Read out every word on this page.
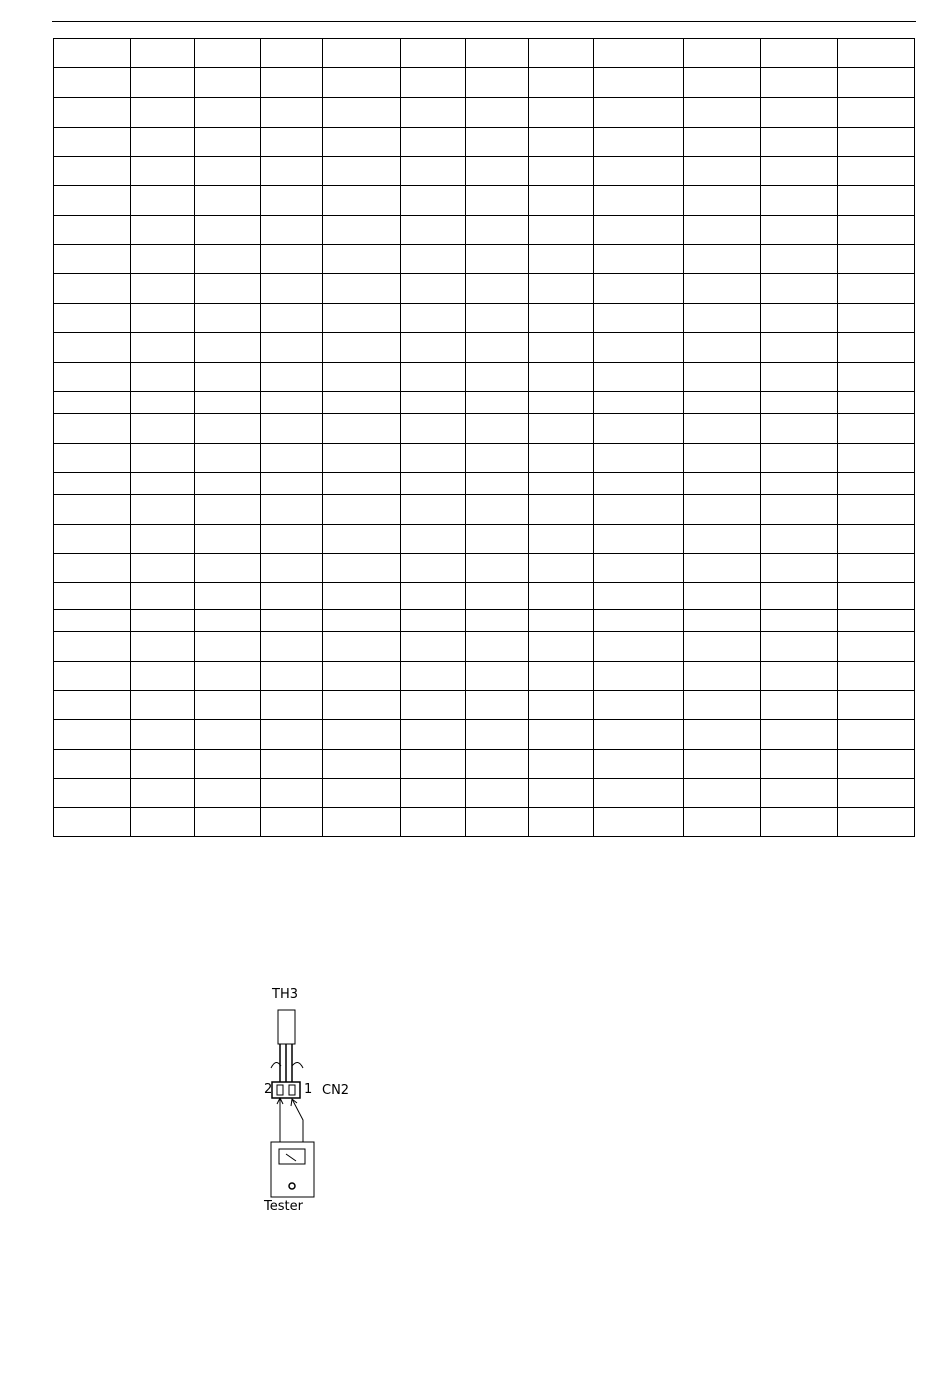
TH3
2 1 CN2
Tester
